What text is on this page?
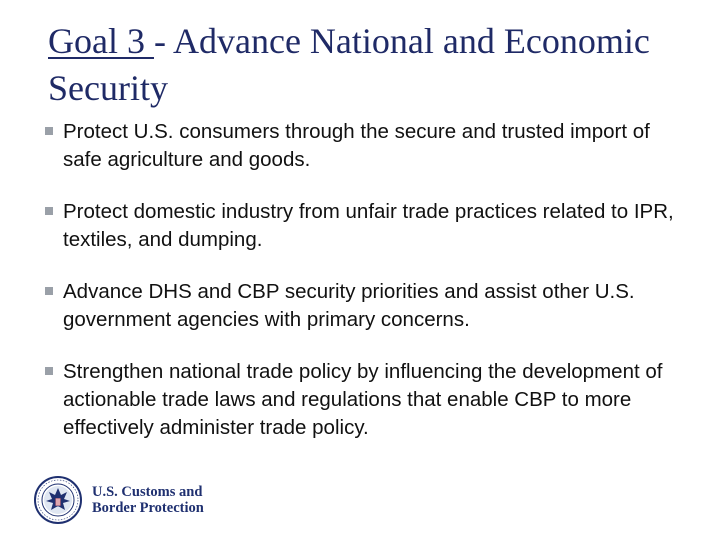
Goal 3 - Advance National and Economic Security
Protect U.S. consumers through the secure and trusted import of safe agriculture and goods.
Protect domestic industry from unfair trade practices related to IPR, textiles, and dumping.
Advance DHS and CBP security priorities and assist other U.S. government agencies with primary concerns.
Strengthen national trade policy by influencing the development of actionable trade laws and regulations that enable CBP to more effectively administer trade policy.
U.S. Customs and
Border Protection
